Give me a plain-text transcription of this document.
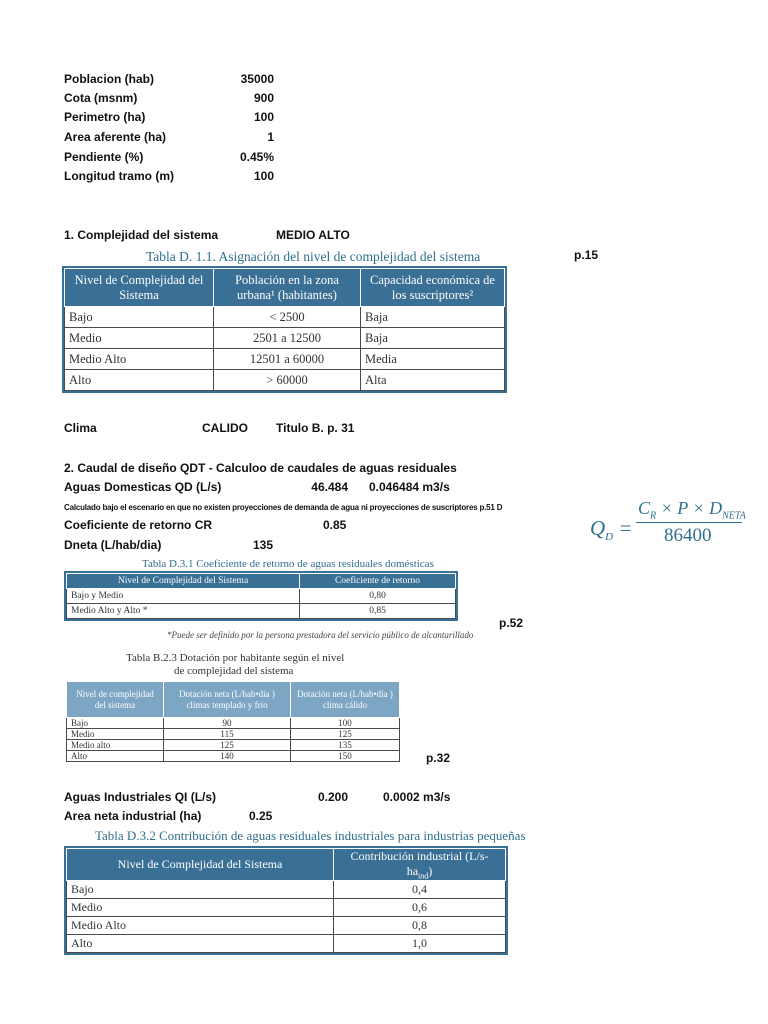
Poblacion (hab)	35000
Cota (msnm)	900
Perimetro (ha)	100
Area aferente (ha)	1
Pendiente (%)	0.45%
Longitud tramo (m)	100
1. Complejidad del sistema	MEDIO ALTO
p.15
Tabla D. 1.1. Asignación del nivel de complejidad del sistema
Nivel de Complejidad del Sistema	Población en la zona urbana¹ (habitantes)	Capacidad económica de los suscriptores²
Bajo	< 2500	Baja
Medio	2501 a 12500	Baja
Medio Alto	12501 a 60000	Media
Alto	> 60000	Alta
Clima	CALIDO Titulo B. p. 31
2. Caudal de diseño QDT - Calculoo de caudales de aguas residuales
Aguas Domesticas QD (L/s)	46.484 0.046484 m3/s
Calculado bajo el escenario en que no existen proyecciones de demanda de agua ni proyecciones de suscriptores p.51 D
Coeficiente de retorno CR	0.85
Dneta (L/hab/dia)	135
$Q_D$ =
$C_R \times P \times D_{NETA}$
86400
Tabla D.3.1 Coeficiente de retorno de aguas residuales domésticas
Nivel de Complejidad del Sistema	Coeficiente de retorno
Bajo y Medio	0,80
Medio Alto y Alto *	0,85
*Puede ser definido por la persona prestadora del servicio público de alcantarillado
p.52
Tabla B.2.3 Dotación por habitante según el nivel
de complejidad del sistema
Nivel de complejidad del sistema	Dotación neta (L/hab•día ) climas templado y frío	Dotación neta (L/hab•día ) clima cálido
Bajo	90	100
Medio	115	125
Medio alto	125	135
Alto	140	150	p.32
Aguas Industriales QI (L/s)	0.200	0.0002 m3/s
Area neta industrial (ha)	0.25
Tabla D.3.2 Contribución de aguas residuales industriales para industrias pequeñas
Nivel de Complejidad del Sistema	Contribución industrial $(L/s-ha_{ind})$
Bajo	0,4
Medio	0,6
Medio Alto	0,8
Alto	1,0
